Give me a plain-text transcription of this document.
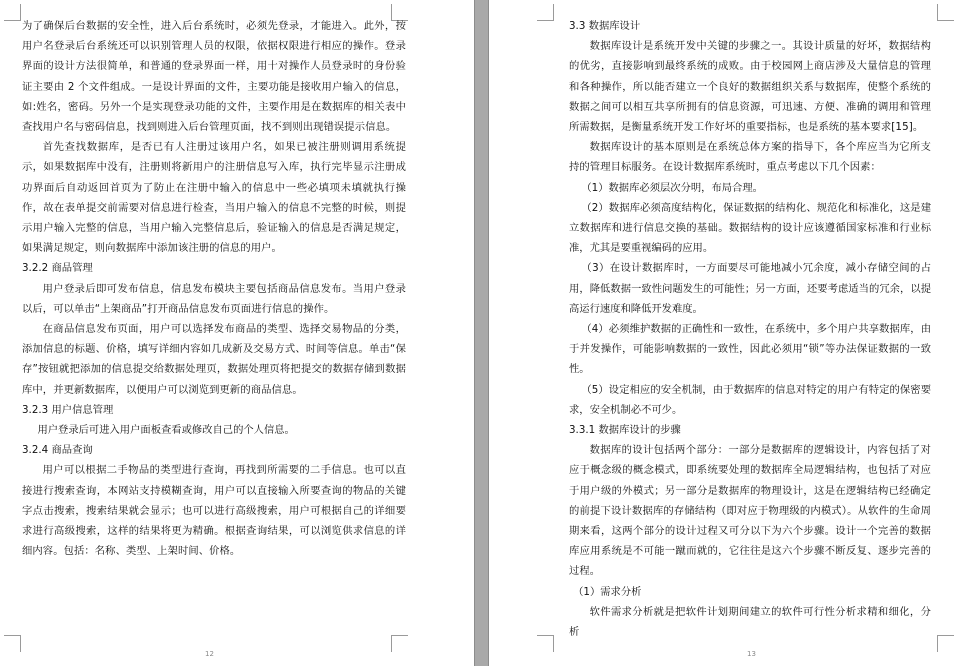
为了确保后台数据的安全性，进入后台系统时，必须先登录，才能进入。此外，按用户名登录后台系统还可以识别管理人员的权限，依据权限进行相应的操作。登录界面的设计方法很简单，和普通的登录界面一样，用十对操作人员登录时的身份验证主要由 2 个文件组成。一是设计界面的文件，主要功能是接收用户输入的信息，如:姓名，密码。另外一个是实现登录功能的文件，主要作用是在数据库的相关表中查找用户名与密码信息，找到则进入后台管理页面，找不到则出现错误提示信息。

首先查找数据库，是否已有人注册过该用户名，如果已被注册则调用系统提示，如果数据库中没有，注册则将新用户的注册信息写入库，执行完毕显示注册成功界面后自动返回首页为了防止在注册中输入的信息中一些必填项未填就执行操作，故在表单提交前需要对信息进行检查，当用户输入的信息不完整的时候，则提示用户输入完整的信息，当用户输入完整信息后，验证输入的信息是否满足规定，如果满足规定，则向数据库中添加该注册的信息的用户。

3.2.2 商品管理

用户登录后即可发布信息，信息发布模块主要包括商品信息发布。当用户登录以后，可以单击“上架商品”打开商品信息发布页面进行信息的操作。

在商品信息发布页面，用户可以选择发布商品的类型、选择交易物品的分类，添加信息的标题、价格，填写详细内容如几成新及交易方式、时间等信息。单击“保存”按钮就把添加的信息提交给数据处理页，数据处理页将把提交的数据存储到数据库中，并更新数据库，以便用户可以浏览到更新的商品信息。

3.2.3 用户信息管理

用户登录后可进入用户面板查看或修改自己的个人信息。

3.2.4 商品查询

用户可以根据二手物品的类型进行查询，再找到所需要的二手信息。也可以直接进行搜索查询，本网站支持模糊查询，用户可以直接输入所要查询的物品的关键字点击搜索，搜索结果就会显示；也可以进行高级搜索，用户可根据自己的详细要求进行高级搜索，这样的结果将更为精确。根据查询结果，可以浏览供求信息的详细内容。包括：名称、类型、上架时间、价格。

12

3.3 数据库设计

数据库设计是系统开发中关键的步骤之一。其设计质量的好坏，数据结构的优劣，直接影响到最终系统的成败。由于校园网上商店涉及大量信息的管理和各种操作，所以能否建立一个良好的数据组织关系与数据库，使整个系统的数据之间可以相互共享所拥有的信息资源，可迅速、方便、准确的调用和管理所需数据，是衡量系统开发工作好坏的重要指标，也是系统的基本要求[15]。

数据库设计的基本原则是在系统总体方案的指导下，各个库应当为它所支持的管理目标服务。在设计数据库系统时，重点考虑以下几个因素：

（1）数据库必须层次分明，布局合理。

（2）数据库必须高度结构化，保证数据的结构化、规范化和标准化，这是建立数据库和进行信息交换的基础。数据结构的设计应该遵循国家标准和行业标准，尤其是要重视编码的应用。

（3）在设计数据库时，一方面要尽可能地减小冗余度，减小存储空间的占用，降低数据一致性问题发生的可能性；另一方面，还要考虑适当的冗余，以提高运行速度和降低开发难度。

（4）必须维护数据的正确性和一致性，在系统中，多个用户共享数据库，由于并发操作，可能影响数据的一致性，因此必须用“锁”等办法保证数据的一致性。

（5）设定相应的安全机制，由于数据库的信息对特定的用户有特定的保密要求，安全机制必不可少。

3.3.1 数据库设计的步骤

数据库的设计包括两个部分：一部分是数据库的逻辑设计，内容包括了对应于概念级的概念模式，即系统要处理的数据库全局逻辑结构，也包括了对应于用户级的外模式；另一部分是数据库的物理设计，这是在逻辑结构已经确定的前提下设计数据库的存储结构（即对应于物理级的内模式）。从软件的生命周期来看，这两个部分的设计过程又可分以下为六个步骤。设计一个完善的数据库应用系统是不可能一蹴而就的，它往往是这六个步骤不断反复、逐步完善的过程。

（1）需求分析

软件需求分析就是把软件计划期间建立的软件可行性分析求精和细化，分析

13
